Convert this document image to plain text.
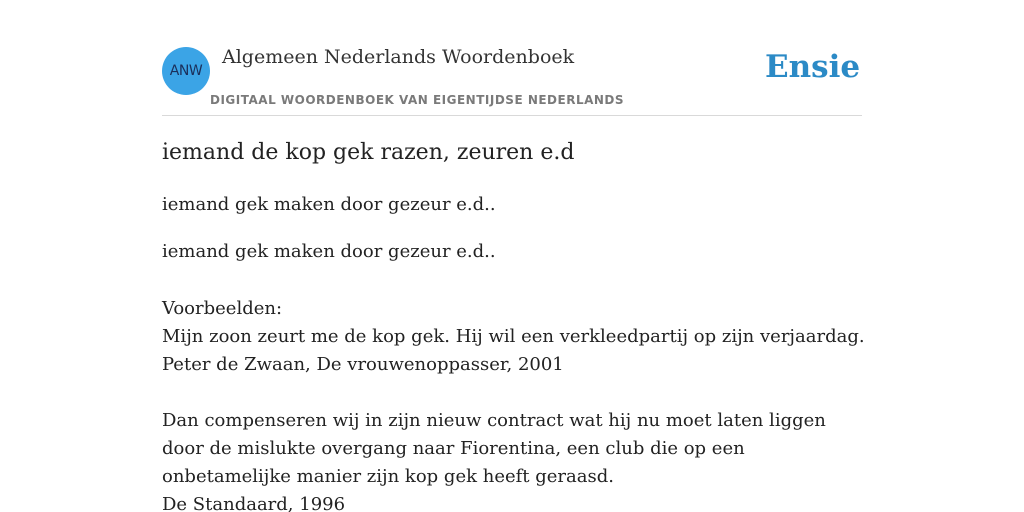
ANW
Algemeen Nederlands Woordenboek
DIGITAAL WOORDENBOEK VAN EIGENTIJDSE NEDERLANDS
Ensie
iemand de kop gek razen, zeuren e.d

iemand gek maken door gezeur e.d..

iemand gek maken door gezeur e.d..

Voorbeelden:

Mijn zoon zeurt me de kop gek. Hij wil een verkleedpartij op zijn verjaardag.

Peter de Zwaan, De vrouwenoppasser, 2001

Dan compenseren wij in zijn nieuw contract wat hij nu moet laten liggen door de mislukte overgang naar Fiorentina, een club die op een onbetamelijke manier zijn kop gek heeft geraasd.

De Standaard, 1996
